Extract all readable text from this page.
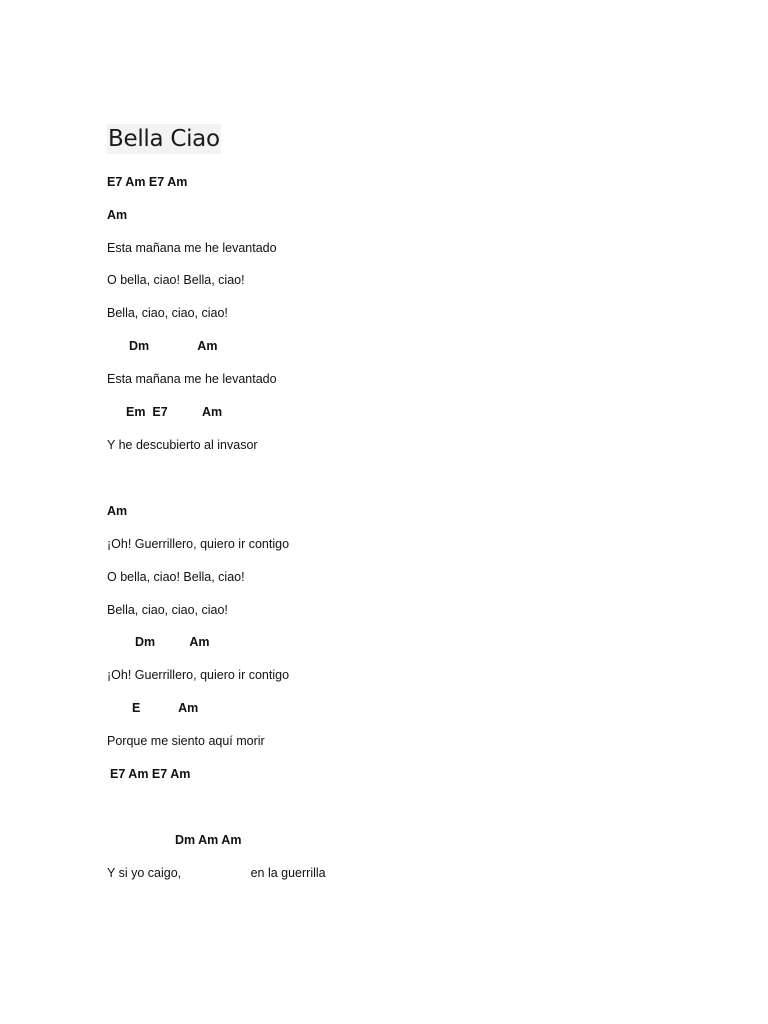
Bella Ciao
E7 Am E7 Am
Am
Esta mañana me he levantado
O bella, ciao! Bella, ciao!
Bella, ciao, ciao, ciao!
Dm              Am
Esta mañana me he levantado
Em  E7          Am
Y he descubierto al invasor
Am
¡Oh! Guerrillero, quiero ir contigo
O bella, ciao! Bella, ciao!
Bella, ciao, ciao, ciao!
Dm          Am
¡Oh! Guerrillero, quiero ir contigo
E           Am
Porque me siento aquí morir
E7 Am E7 Am
Dm Am Am
Y si yo caigo,                    en la guerrilla
